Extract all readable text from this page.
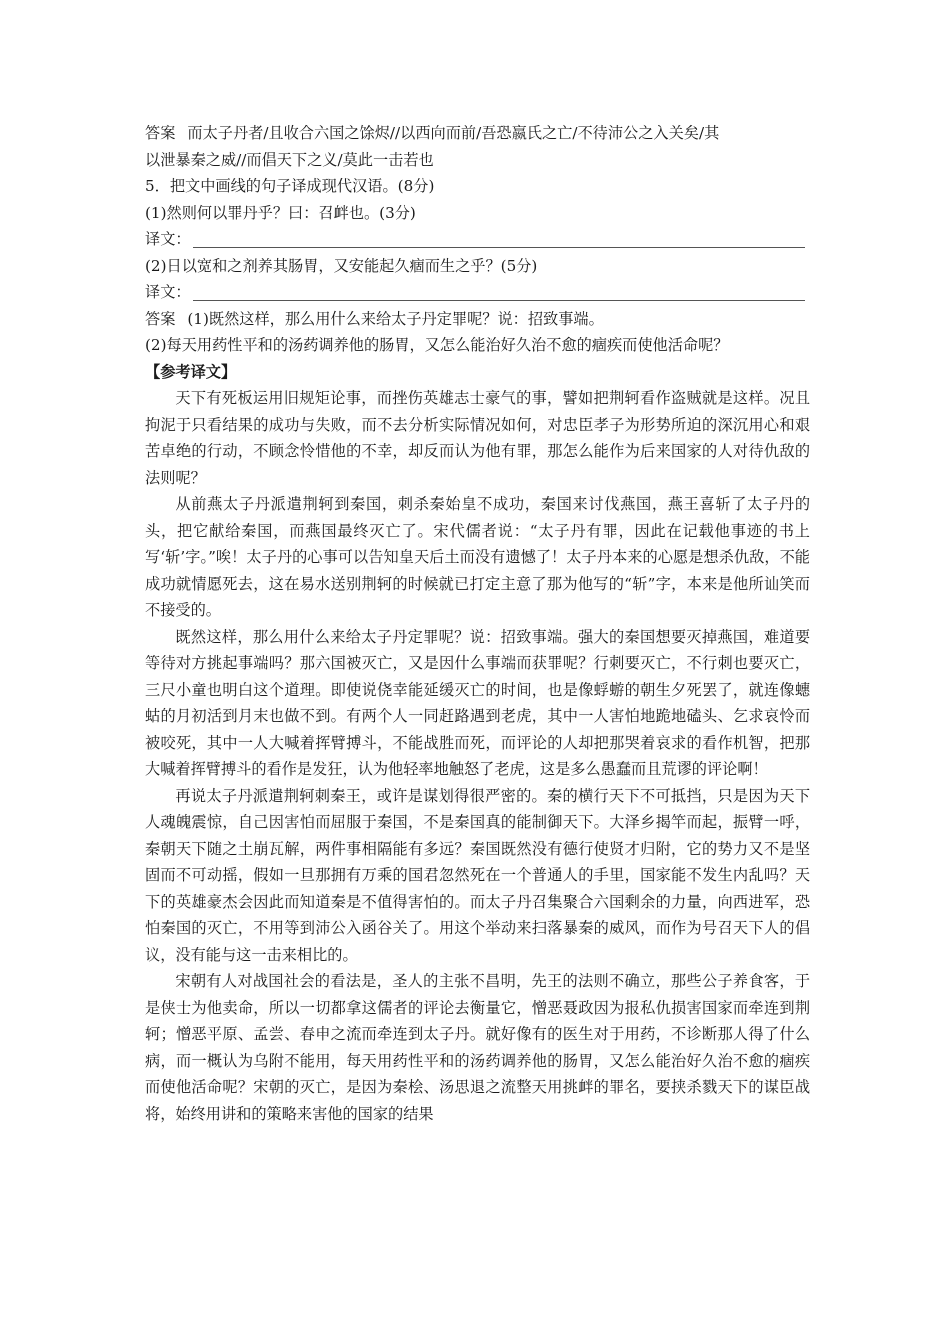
答案 而太子丹者/且收合六国之馀烬//以西向而前/吾恐嬴氏之亡/不待沛公之入关矣/其
以泄暴秦之威//而倡天下之义/莫此一击若也
5．把文中画线的句子译成现代汉语。(8分)
(1)然则何以罪丹乎？曰：召衅也。(3分)
译文：
(2)日以宽和之剂养其肠胃，又安能起久痼而生之乎？(5分)
译文：
答案 (1)既然这样，那么用什么来给太子丹定罪呢？说：招致事端。
(2)每天用药性平和的汤药调养他的肠胃，又怎么能治好久治不愈的痼疾而使他活命呢？
【参考译文】

天下有死板运用旧规矩论事，而挫伤英雄志士豪气的事，譬如把荆轲看作盗贼就是这样。况且拘泥于只看结果的成功与失败，而不去分析实际情况如何，对忠臣孝子为形势所迫的深沉用心和艰苦卓绝的行动，不顾念怜惜他的不幸，却反而认为他有罪，那怎么能作为后来国家的人对待仇敌的法则呢？

从前燕太子丹派遣荆轲到秦国，刺杀秦始皇不成功，秦国来讨伐燕国，燕王喜斩了太子丹的头，把它献给秦国，而燕国最终灭亡了。宋代儒者说：“太子丹有罪，因此在记载他事迹的书上写‘斩’字。”唉！太子丹的心事可以告知皇天后土而没有遗憾了！太子丹本来的心愿是想杀仇敌，不能成功就情愿死去，这在易水送别荆轲的时候就已打定主意了那为他写的“斩”字，本来是他所讪笑而不接受的。

既然这样，那么用什么来给太子丹定罪呢？说：招致事端。强大的秦国想要灭掉燕国，难道要等待对方挑起事端吗？那六国被灭亡，又是因什么事端而获罪呢？行刺要灭亡，不行刺也要灭亡，三尺小童也明白这个道理。即使说侥幸能延缓灭亡的时间，也是像蜉蝣的朝生夕死罢了，就连像蟪蛄的月初活到月末也做不到。有两个人一同赶路遇到老虎，其中一人害怕地跪地磕头、乞求哀怜而被咬死，其中一人大喊着挥臂搏斗，不能战胜而死，而评论的人却把那哭着哀求的看作机智，把那大喊着挥臂搏斗的看作是发狂，认为他轻率地触怒了老虎，这是多么愚蠢而且荒谬的评论啊！

再说太子丹派遣荆轲刺秦王，或许是谋划得很严密的。秦的横行天下不可抵挡，只是因为天下人魂魄震惊，自己因害怕而屈服于秦国，不是秦国真的能制御天下。大泽乡揭竿而起，振臂一呼，秦朝天下随之土崩瓦解，两件事相隔能有多远？秦国既然没有德行使贤才归附，它的势力又不是坚固而不可动摇，假如一旦那拥有万乘的国君忽然死在一个普通人的手里，国家能不发生内乱吗？天下的英雄豪杰会因此而知道秦是不值得害怕的。而太子丹召集聚合六国剩余的力量，向西进军，恐怕秦国的灭亡，不用等到沛公入函谷关了。用这个举动来扫落暴秦的威风，而作为号召天下人的倡议，没有能与这一击来相比的。

宋朝有人对战国社会的看法是，圣人的主张不昌明，先王的法则不确立，那些公子养食客，于是侠士为他卖命，所以一切都拿这儒者的评论去衡量它，憎恶聂政因为报私仇损害国家而牵连到荆轲；憎恶平原、孟尝、春申之流而牵连到太子丹。就好像有的医生对于用药，不诊断那人得了什么病，而一概认为乌附不能用，每天用药性平和的汤药调养他的肠胃，又怎么能治好久治不愈的痼疾而使他活命呢？宋朝的灭亡，是因为秦桧、汤思退之流整天用挑衅的罪名，要挟杀戮天下的谋臣战将，始终用讲和的策略来害他的国家的结果
